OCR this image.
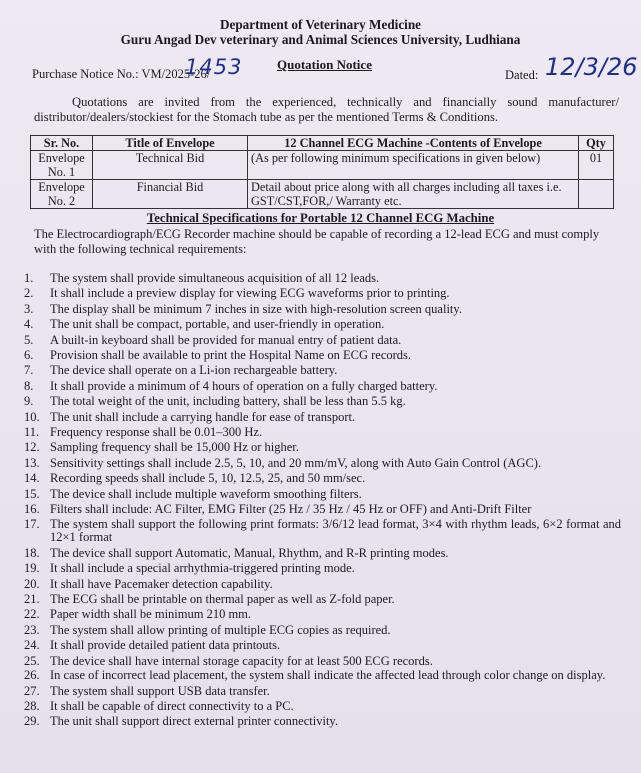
Department of Veterinary Medicine
Guru Angad Dev veterinary and Animal Sciences University, Ludhiana
Purchase Notice No.: VM/2025-26/
1453	Quotation Notice
Dated: 12/3/26

Quotations are invited from the experienced, technically and financially sound manufacturer/ distributor/dealers/stockiest for the Stomach tube as per the mentioned Terms & Conditions.

Sr. No.	Title of Envelope	12 Channel ECG Machine -Contents of Envelope	Qty
Envelope No. 1	Technical Bid	(As per following minimum specifications in given below)	01
Envelope No. 2	Financial Bid	Detail about price along with all charges including all taxes i.e. GST/CST,FOR,/ Warranty etc.	
Technical Specifications for Portable 12 Channel ECG Machine
The Electrocardiograph/ECG Recorder machine should be capable of recording a 12-lead ECG and must comply with the following technical requirements:
1. The system shall provide simultaneous acquisition of all 12 leads.
2. It shall include a preview display for viewing ECG waveforms prior to printing.
3. The display shall be minimum 7 inches in size with high-resolution screen quality.
4. The unit shall be compact, portable, and user-friendly in operation.
5. A built-in keyboard shall be provided for manual entry of patient data.
6. Provision shall be available to print the Hospital Name on ECG records.
7. The device shall operate on a Li-ion rechargeable battery.
8. It shall provide a minimum of 4 hours of operation on a fully charged battery.
9. The total weight of the unit, including battery, shall be less than 5.5 kg.
10. The unit shall include a carrying handle for ease of transport.
11. Frequency response shall be 0.01–300 Hz.
12. Sampling frequency shall be 15,000 Hz or higher.
13. Sensitivity settings shall include 2.5, 5, 10, and 20 mm/mV, along with Auto Gain Control (AGC).
14. Recording speeds shall include 5, 10, 12.5, 25, and 50 mm/sec.
15. The device shall include multiple waveform smoothing filters.
16. Filters shall include: AC Filter, EMG Filter (25 Hz / 35 Hz / 45 Hz or OFF) and Anti-Drift Filter
17. The system shall support the following print formats: 3/6/12 lead format, 3×4 with rhythm leads, 6×2 format and 12×1 format
18. The device shall support Automatic, Manual, Rhythm, and R-R printing modes.
19. It shall include a special arrhythmia-triggered printing mode.
20. It shall have Pacemaker detection capability.
21. The ECG shall be printable on thermal paper as well as Z-fold paper.
22. Paper width shall be minimum 210 mm.
23. The system shall allow printing of multiple ECG copies as required.
24. It shall provide detailed patient data printouts.
25. The device shall have internal storage capacity for at least 500 ECG records.
26. In case of incorrect lead placement, the system shall indicate the affected lead through color change on display.
27. The system shall support USB data transfer.
28. It shall be capable of direct connectivity to a PC.
29. The unit shall support direct external printer connectivity.
